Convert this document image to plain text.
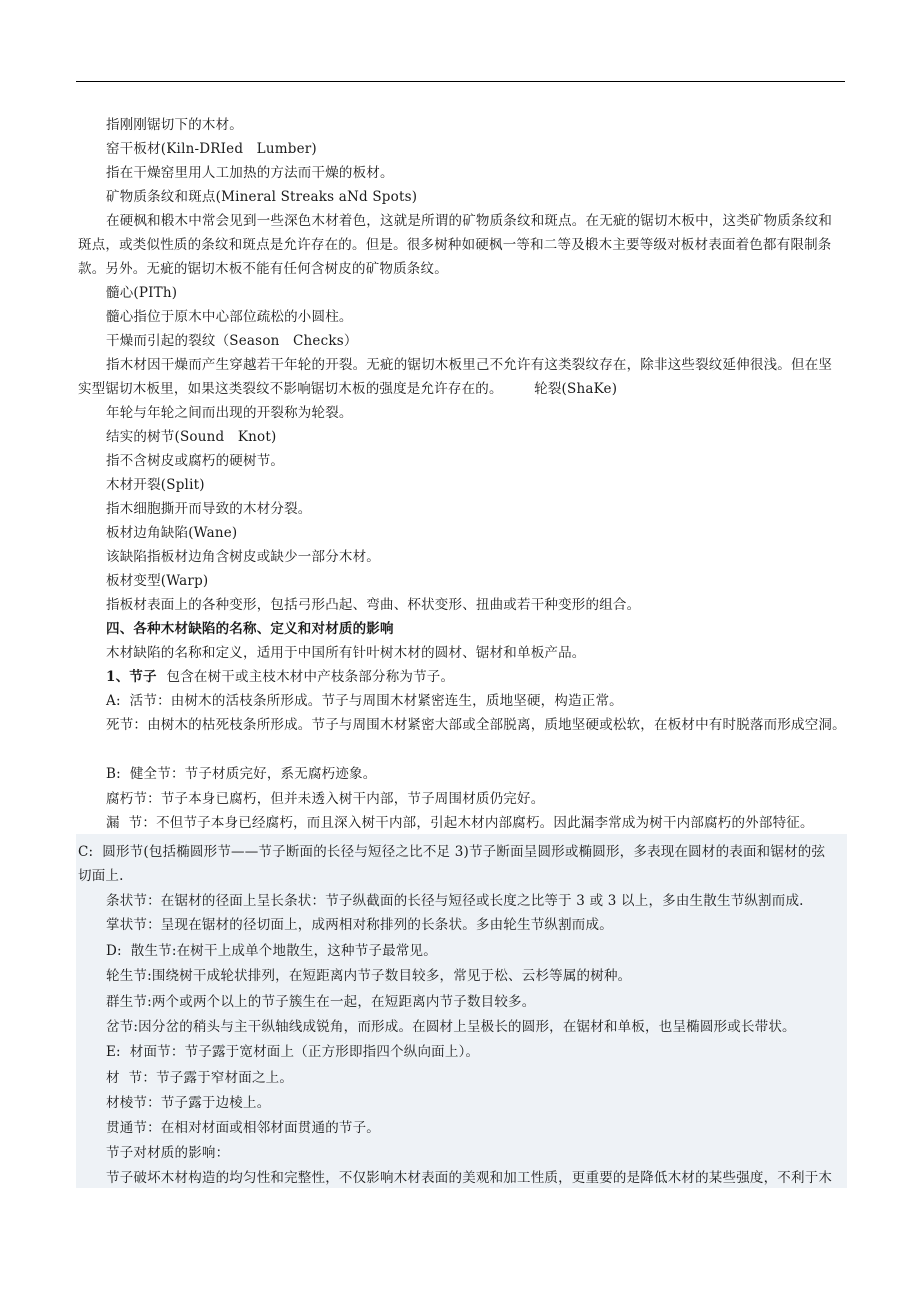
指刚刚锯切下的木材。
窑干板材(Kiln-DRIed   Lumber)
指在干燥窑里用人工加热的方法而干燥的板材。
矿物质条纹和斑点(Mineral Streaks aNd Spots)
在硬枫和椴木中常会见到一些深色木材着色，这就是所谓的矿物质条纹和斑点。在无疵的锯切木板中，这类矿物质条纹和
斑点，或类似性质的条纹和斑点是允许存在的。但是。很多树种如硬枫一等和二等及椴木主要等级对板材表面着色都有限制条
款。另外。无疵的锯切木板不能有任何含树皮的矿物质条纹。
髓心(PITh)
髓心指位于原木中心部位疏松的小圆柱。
干燥而引起的裂纹（Season   Checks）
指木材因干燥而产生穿越若干年轮的开裂。无疵的锯切木板里己不允许有这类裂纹存在，除非这些裂纹延伸很浅。但在坚
实型锯切木板里，如果这类裂纹不影响锯切木板的强度是允许存在的。       轮裂(ShaKe)
年轮与年轮之间而出现的开裂称为轮裂。
结实的树节(Sound   Knot)
指不含树皮或腐朽的硬树节。
木材开裂(Split)
指木细胞撕开而导致的木材分裂。
板材边角缺陷(Wane)
该缺陷指板材边角含树皮或缺少一部分木材。
板材变型(Warp)
指板材表面上的各种变形，包括弓形凸起、弯曲、杯状变形、扭曲或若干种变形的组合。
四、各种木材缺陷的名称、定义和对材质的影响
木材缺陷的名称和定义，适用于中国所有针叶树木材的圆材、锯材和单板产品。
1、节子 包含在树干或主枝木材中产枝条部分称为节子。
A:  活节：由树木的活枝条所形成。节子与周围木材紧密连生，质地坚硬，构造正常。
死节：由树木的枯死枝条所形成。节子与周围木材紧密大部或全部脱离，质地坚硬或松软，在板材中有时脱落而形成空洞。
B:  健全节：节子材质完好，系无腐朽迹象。
腐朽节：节子本身已腐朽，但并未透入树干内部，节子周围材质仍完好。
漏  节：不但节子本身已经腐朽，而且深入树干内部，引起木材内部腐朽。因此漏李常成为树干内部腐朽的外部特征。
C:  圆形节(包括椭圆形节——节子断面的长径与短径之比不足 3)节子断面呈圆形或椭圆形，多表现在圆材的表面和锯材的弦
切面上.
条状节：在锯材的径面上呈长条状：节子纵截面的长径与短径或长度之比等于 3 或 3 以上，多由生散生节纵割而成.
掌状节：呈现在锯材的径切面上，成两相对称排列的长条状。多由轮生节纵割而成。
D:  散生节:在树干上成单个地散生，这种节子最常见。
轮生节:围绕树干成轮状排列，在短距离内节子数目较多，常见于松、云杉等属的树种。
群生节:两个或两个以上的节子簇生在一起，在短距离内节子数目较多。
岔节:因分岔的稍头与主干纵轴线成锐角，而形成。在圆材上呈极长的圆形，在锯材和单板，也呈椭圆形或长带状。
E:  材面节：节子露于宽材面上（正方形即指四个纵向面上）。
材  节：节子露于窄材面之上。
材棱节：节子露于边棱上。
贯通节：在相对材面或相邻材面贯通的节子。
节子对材质的影响：
节子破坏木材构造的均匀性和完整性，不仅影响木材表面的美观和加工性质，更重要的是降低木材的某些强度，不利于木
